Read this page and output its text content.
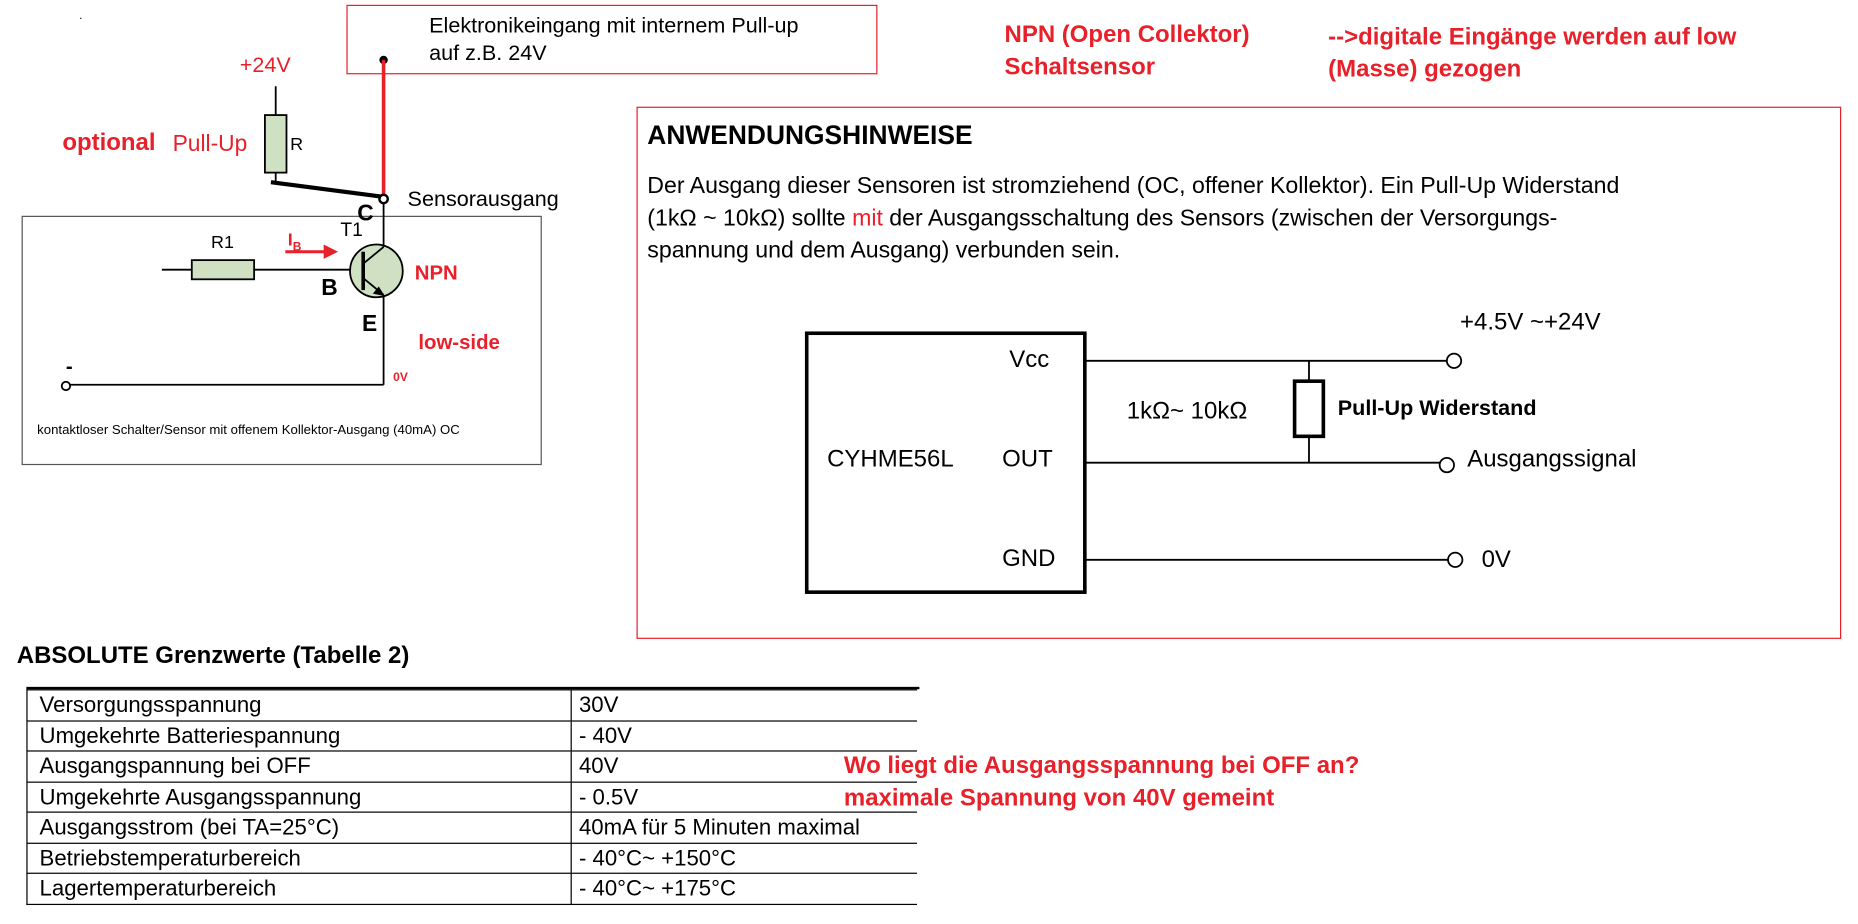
.	Elektronikeingang mit internem Pull-up
auf z.B. 24V
+24V
R
optional Pull-Up
Sensorausgang
C
T1
R1	$I_B$
B
NPN
E
low-side
-
0V
kontaktloser Schalter/Sensor mit offenem Kollektor-Ausgang (40mA) OC
NPN (Open Collektor)
Schaltsensor
-->digitale Eingänge werden auf low
(Masse) gezogen
ANWENDUNGSHINWEISE
Der Ausgang dieser Sensoren ist stromziehend (OC, offener Kollektor). Ein Pull-Up Widerstand
(1kΩ ~ 10kΩ) sollte mit der Ausgangsschaltung des Sensors (zwischen der Versorgungs-
spannung und dem Ausgang) verbunden sein.
CYHME56L
Vcc
OUT
GND
+4.5V ~+24V
1kΩ~ 10kΩ	Pull-Up Widerstand
Ausgangssignal
0V
ABSOLUTE Grenzwerte (Tabelle 2)
Versorgungsspannung	30V
Umgekehrte Batteriespannung	- 40V
Ausgangspannung bei OFF	40V
Umgekehrte Ausgangsspannung	- 0.5V
Ausgangsstrom (bei TA=25°C)	40mA für 5 Minuten maximal
Betriebstemperaturbereich	- 40°C~ +150°C
Lagertemperaturbereich	- 40°C~ +175°C
Wo liegt die Ausgangsspannung bei OFF an?
maximale Spannung von 40V gemeint
